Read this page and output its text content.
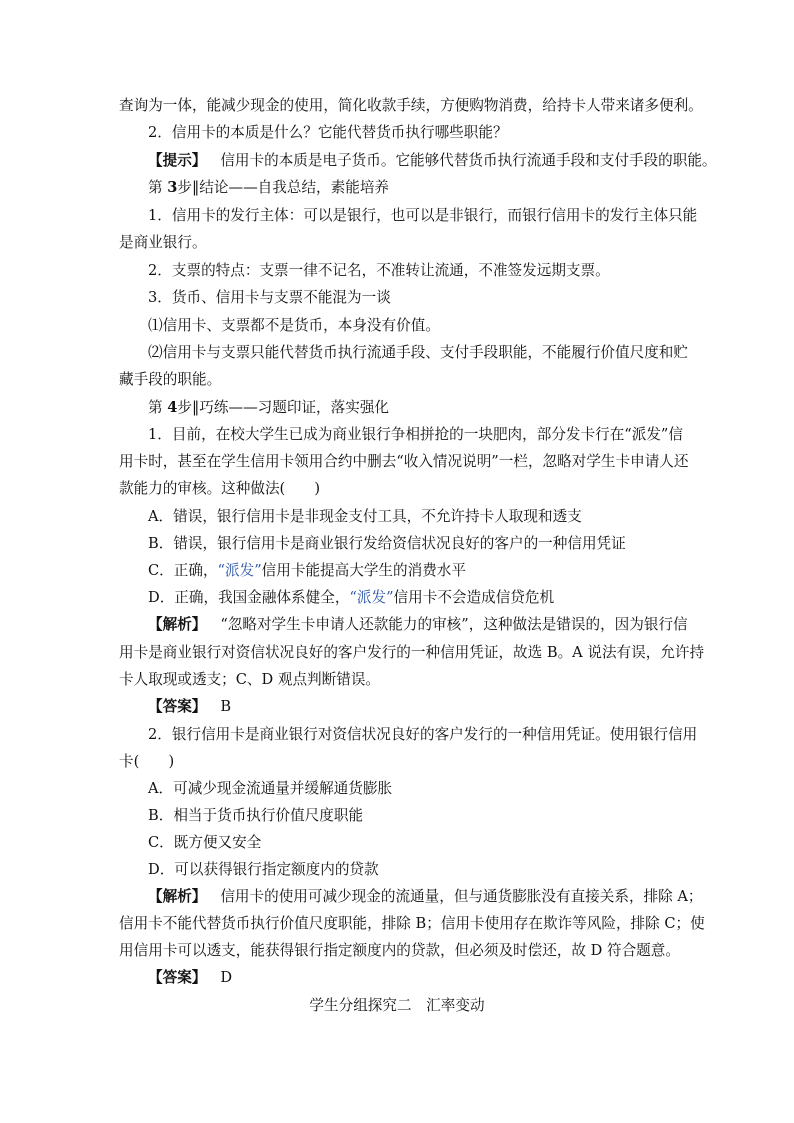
查询为一体，能减少现金的使用，简化收款手续，方便购物消费，给持卡人带来诸多便利。
2．信用卡的本质是什么？它能代替货币执行哪些职能？
【提示】 信用卡的本质是电子货币。它能够代替货币执行流通手段和支付手段的职能。
第 3步‖结论——自我总结，素能培养
1．信用卡的发行主体：可以是银行，也可以是非银行，而银行信用卡的发行主体只能
是商业银行。
2．支票的特点：支票一律不记名，不准转让流通，不准签发远期支票。
3．货币、信用卡与支票不能混为一谈
⑴信用卡、支票都不是货币，本身没有价值。
⑵信用卡与支票只能代替货币执行流通手段、支付手段职能，不能履行价值尺度和贮
藏手段的职能。
第 4步‖巧练——习题印证，落实强化
1．目前，在校大学生已成为商业银行争相拼抢的一块肥肉，部分发卡行在“派发”信
用卡时，甚至在学生信用卡领用合约中删去“收入情况说明”一栏，忽略对学生卡申请人还
款能力的审核。这种做法(　　)
A．错误，银行信用卡是非现金支付工具，不允许持卡人取现和透支
B．错误，银行信用卡是商业银行发给资信状况良好的客户的一种信用凭证
C．正确，“派发”信用卡能提高大学生的消费水平
D．正确，我国金融体系健全，“派发”信用卡不会造成信贷危机
【解析】 “忽略对学生卡申请人还款能力的审核”，这种做法是错误的，因为银行信
用卡是商业银行对资信状况良好的客户发行的一种信用凭证，故选 B。A 说法有误，允许持
卡人取现或透支；C、D 观点判断错误。
【答案】 B
2．银行信用卡是商业银行对资信状况良好的客户发行的一种信用凭证。使用银行信用
卡(　　)
A．可减少现金流通量并缓解通货膨胀
B．相当于货币执行价值尺度职能
C．既方便又安全
D．可以获得银行指定额度内的贷款
【解析】 信用卡的使用可减少现金的流通量，但与通货膨胀没有直接关系，排除 A；
信用卡不能代替货币执行价值尺度职能，排除 B；信用卡使用存在欺诈等风险，排除 C；使
用信用卡可以透支，能获得银行指定额度内的贷款，但必须及时偿还，故 D 符合题意。
【答案】 D
学生分组探究二　汇率变动
